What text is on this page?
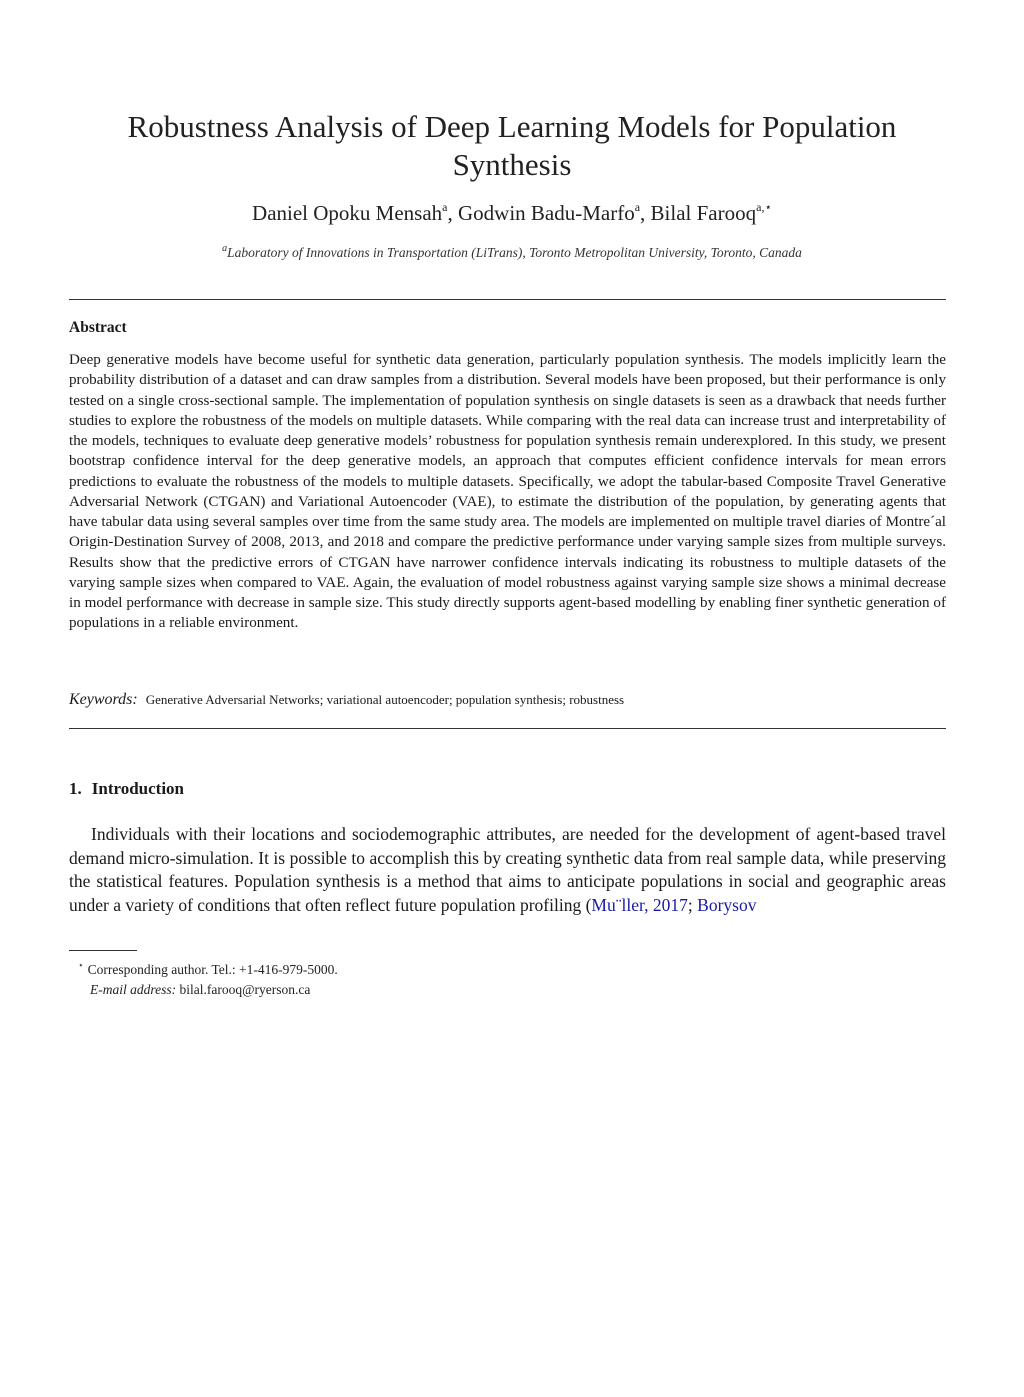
Robustness Analysis of Deep Learning Models for Population Synthesis
Daniel Opoku Mensah$^a$, Godwin Badu-Marfo$^a$, Bilal Farooq$^{a,⋆}$
$^a$Laboratory of Innovations in Transportation (LiTrans), Toronto Metropolitan University, Toronto, Canada
Abstract
Deep generative models have become useful for synthetic data generation, particularly population synthesis. The models implicitly learn the probability distribution of a dataset and can draw samples from a distribution. Several models have been proposed, but their performance is only tested on a single cross-sectional sample. The implementation of population synthesis on single datasets is seen as a drawback that needs further studies to explore the robustness of the models on multiple datasets. While comparing with the real data can increase trust and interpretability of the models, techniques to evaluate deep generative models’ robustness for population synthesis remain underexplored. In this study, we present bootstrap confidence interval for the deep generative models, an approach that computes efficient confidence intervals for mean errors predictions to evaluate the robustness of the models to multiple datasets. Specifically, we adopt the tabular-based Composite Travel Generative Adversarial Network (CTGAN) and Variational Autoencoder (VAE), to estimate the distribution of the population, by generating agents that have tabular data using several samples over time from the same study area. The models are implemented on multiple travel diaries of Montre´al Origin-Destination Survey of 2008, 2013, and 2018 and compare the predictive performance under varying sample sizes from multiple surveys. Results show that the predictive errors of CTGAN have narrower confidence intervals indicating its robustness to multiple datasets of the varying sample sizes when compared to VAE. Again, the evaluation of model robustness against varying sample size shows a minimal decrease in model performance with decrease in sample size. This study directly supports agent-based modelling by enabling finer synthetic generation of populations in a reliable environment.
Keywords: Generative Adversarial Networks; variational autoencoder; population synthesis; robustness
1. Introduction
Individuals with their locations and sociodemographic attributes, are needed for the development of agent-based travel demand micro-simulation. It is possible to accomplish this by creating synthetic data from real sample data, while preserving the statistical features. Population synthesis is a method that aims to anticipate populations in social and geographic areas under a variety of conditions that often reflect future population profiling (Mu¨ller, 2017; Borysov
⋆ Corresponding author. Tel.: +1-416-979-5000.
E-mail address: bilal.farooq@ryerson.ca
